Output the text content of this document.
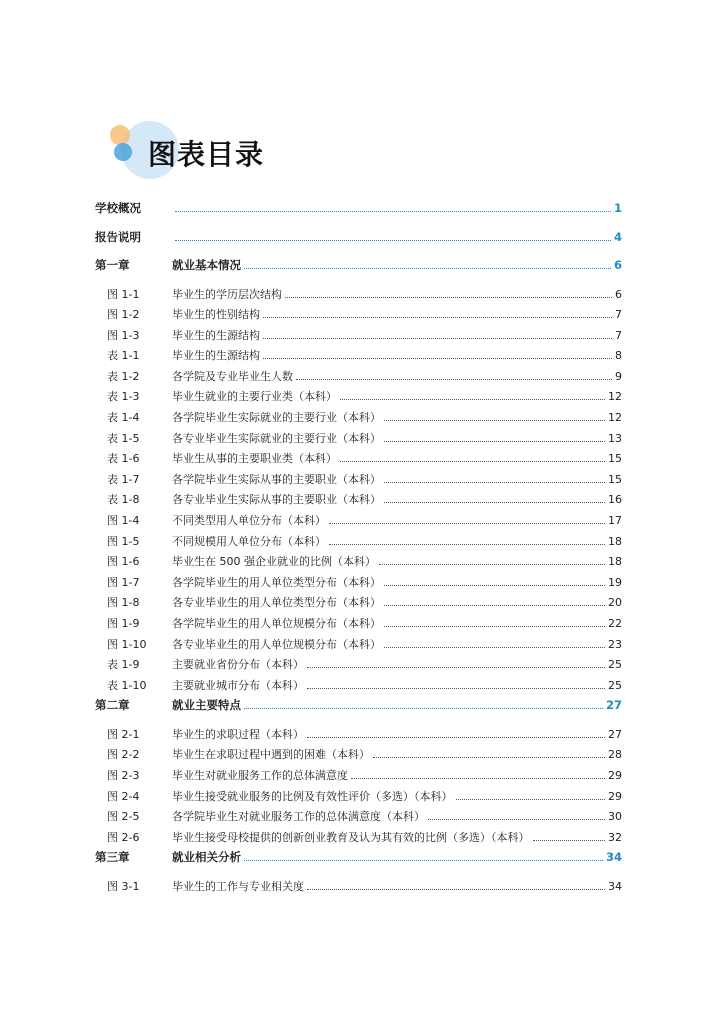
图表目录
学校概况	1
报告说明	4
第一章	就业基本情况	6
图 1-1	毕业生的学历层次结构	6
图 1-2	毕业生的性别结构	7
图 1-3	毕业生的生源结构	7
表 1-1	毕业生的生源结构	8
表 1-2	各学院及专业毕业生人数	9
表 1-3	毕业生就业的主要行业类（本科）	12
表 1-4	各学院毕业生实际就业的主要行业（本科）	12
表 1-5	各专业毕业生实际就业的主要行业（本科）	13
表 1-6	毕业生从事的主要职业类（本科）	15
表 1-7	各学院毕业生实际从事的主要职业（本科）	15
表 1-8	各专业毕业生实际从事的主要职业（本科）	16
图 1-4	不同类型用人单位分布（本科）	17
图 1-5	不同规模用人单位分布（本科）	18
图 1-6	毕业生在 500 强企业就业的比例（本科）	18
图 1-7	各学院毕业生的用人单位类型分布（本科）	19
图 1-8	各专业毕业生的用人单位类型分布（本科）	20
图 1-9	各学院毕业生的用人单位规模分布（本科）	22
图 1-10	各专业毕业生的用人单位规模分布（本科）	23
表 1-9	主要就业省份分布（本科）	25
表 1-10	主要就业城市分布（本科）	25
第二章	就业主要特点	27
图 2-1	毕业生的求职过程（本科）	27
图 2-2	毕业生在求职过程中遇到的困难（本科）	28
图 2-3	毕业生对就业服务工作的总体满意度	29
图 2-4	毕业生接受就业服务的比例及有效性评价（多选）（本科）	29
图 2-5	各学院毕业生对就业服务工作的总体满意度（本科）	30
图 2-6	毕业生接受母校提供的创新创业教育及认为其有效的比例（多选）（本科）	32
第三章	就业相关分析	34
图 3-1	毕业生的工作与专业相关度	34
